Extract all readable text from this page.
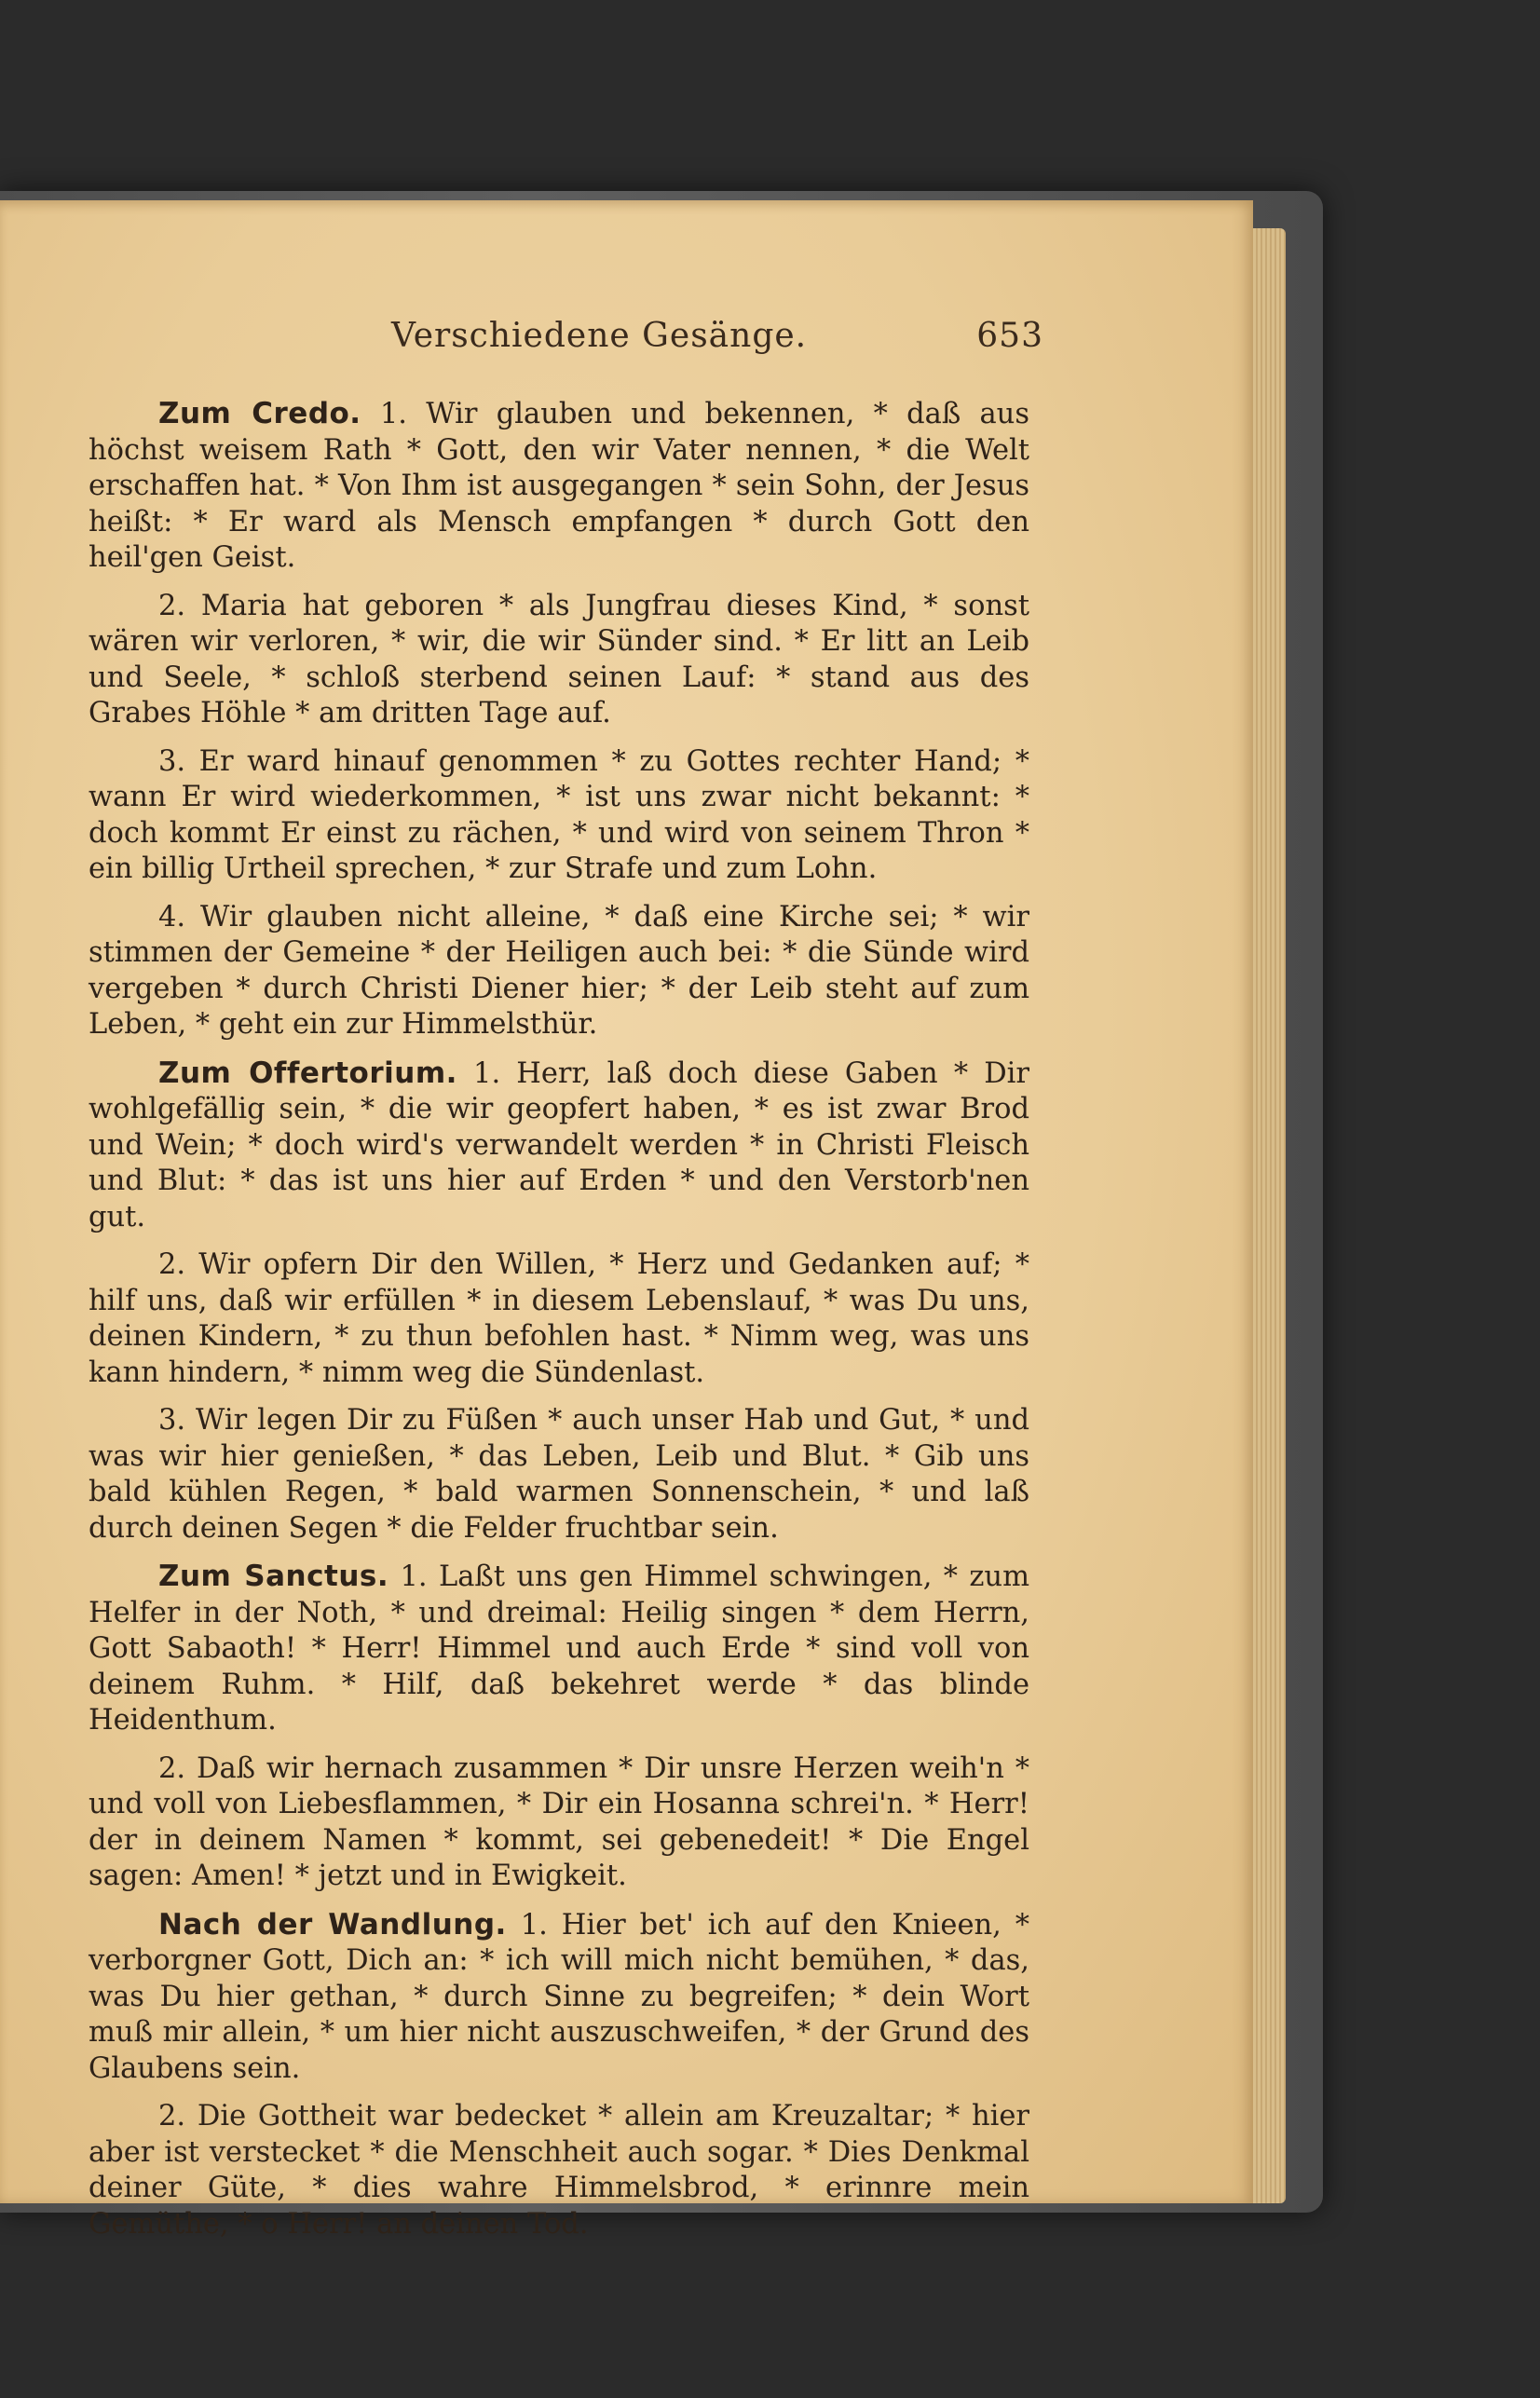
Verschiedene Gesänge.	653

Zum Credo. 1. Wir glauben und bekennen, * daß aus höchst weisem Rath * Gott, den wir Vater nennen, * die Welt erschaffen hat. * Von Ihm ist ausgegangen * sein Sohn, der Jesus heißt: * Er ward als Mensch empfangen * durch Gott den heil'gen Geist.

2. Maria hat geboren * als Jungfrau dieses Kind, * sonst wären wir verloren, * wir, die wir Sünder sind. * Er litt an Leib und Seele, * schloß sterbend seinen Lauf: * stand aus des Grabes Höhle * am dritten Tage auf.

3. Er ward hinauf genommen * zu Gottes rechter Hand; * wann Er wird wiederkommen, * ist uns zwar nicht bekannt: * doch kommt Er einst zu rächen, * und wird von seinem Thron * ein billig Urtheil sprechen, * zur Strafe und zum Lohn.

4. Wir glauben nicht alleine, * daß eine Kirche sei; * wir stimmen der Gemeine * der Heiligen auch bei: * die Sünde wird vergeben * durch Christi Diener hier; * der Leib steht auf zum Leben, * geht ein zur Himmelsthür.

Zum Offertorium. 1. Herr, laß doch diese Gaben * Dir wohlgefällig sein, * die wir geopfert haben, * es ist zwar Brod und Wein; * doch wird's verwandelt werden * in Christi Fleisch und Blut: * das ist uns hier auf Erden * und den Verstorb'nen gut.

2. Wir opfern Dir den Willen, * Herz und Gedanken auf; * hilf uns, daß wir erfüllen * in diesem Lebenslauf, * was Du uns, deinen Kindern, * zu thun befohlen hast. * Nimm weg, was uns kann hindern, * nimm weg die Sündenlast.

3. Wir legen Dir zu Füßen * auch unser Hab und Gut, * und was wir hier genießen, * das Leben, Leib und Blut. * Gib uns bald kühlen Regen, * bald warmen Sonnenschein, * und laß durch deinen Segen * die Felder fruchtbar sein.

Zum Sanctus. 1. Laßt uns gen Himmel schwingen, * zum Helfer in der Noth, * und dreimal: Heilig singen * dem Herrn, Gott Sabaoth! * Herr! Himmel und auch Erde * sind voll von deinem Ruhm. * Hilf, daß bekehret werde * das blinde Heidenthum.

2. Daß wir hernach zusammen * Dir unsre Herzen weih'n * und voll von Liebesflammen, * Dir ein Hosanna schrei'n. * Herr! der in deinem Namen * kommt, sei gebenedeit! * Die Engel sagen: Amen! * jetzt und in Ewigkeit.

Nach der Wandlung. 1. Hier bet' ich auf den Knieen, * verborgner Gott, Dich an: * ich will mich nicht bemühen, * das, was Du hier gethan, * durch Sinne zu begreifen; * dein Wort muß mir allein, * um hier nicht auszuschweifen, * der Grund des Glaubens sein.

2. Die Gottheit war bedecket * allein am Kreuzaltar; * hier aber ist verstecket * die Menschheit auch sogar. * Dies Denkmal deiner Güte, * dies wahre Himmelsbrod, * erinnre mein Gemüthe, * o Herr! an deinen Tod.
